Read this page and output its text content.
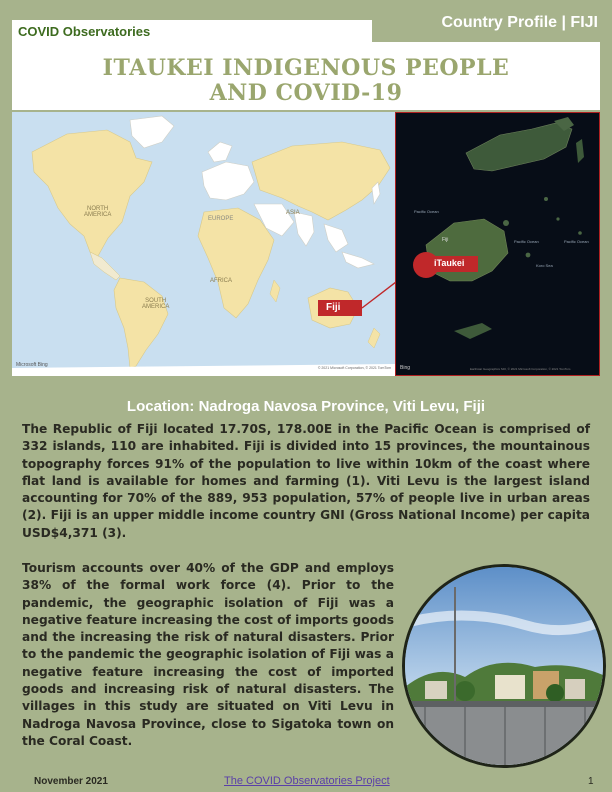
COVID Observatories
Country Profile | FIJI
ITAUKEI INDIGENOUS PEOPLE
AND COVID-19
NORTH
AMERICA
SOUTH
AMERICA
EUROPE
ASIA
AFRICA
Fiji
Microsoft Bing	© 2021 Microsoft Corporation, © 2021 TomTom
iTaukei
Fiji
Pacific Ocean
Pacific Ocean	Pacific Ocean
Koro Sea
Bing	Earthstar Geographics SIO, © 2021 Microsoft Corporation, © 2021 TomTom
Location: Nadroga Navosa Province, Viti Levu, Fiji

The Republic of Fiji located 17.70S, 178.00E in the Pacific Ocean is comprised of 332 islands, 110 are inhabited. Fiji is divided into 15 provinces, the mountainous topography forces 91% of the population to live within 10km of the coast where flat land is available for homes and farming (1). Viti Levu is the largest island accounting for 70% of the 889, 953 population, 57% of people live in urban areas (2). Fiji is an upper middle income country GNI (Gross National Income) per capita USD$4,371 (3).

Tourism accounts over 40% of the GDP and employs 38% of the formal work force (4). Prior to the pandemic, the geographic isolation of Fiji was a negative feature increasing the cost of imports goods and the increasing the risk of natural disasters. Prior to the pandemic the geographic isolation of Fiji was a negative feature increasing the cost of imported goods and increasing risk of natural disasters. The villages in this study are situated on Viti Levu in Nadroga Navosa Province, close to Sigatoka town on the Coral Coast.

November 2021	The COVID Observatories Project	1
